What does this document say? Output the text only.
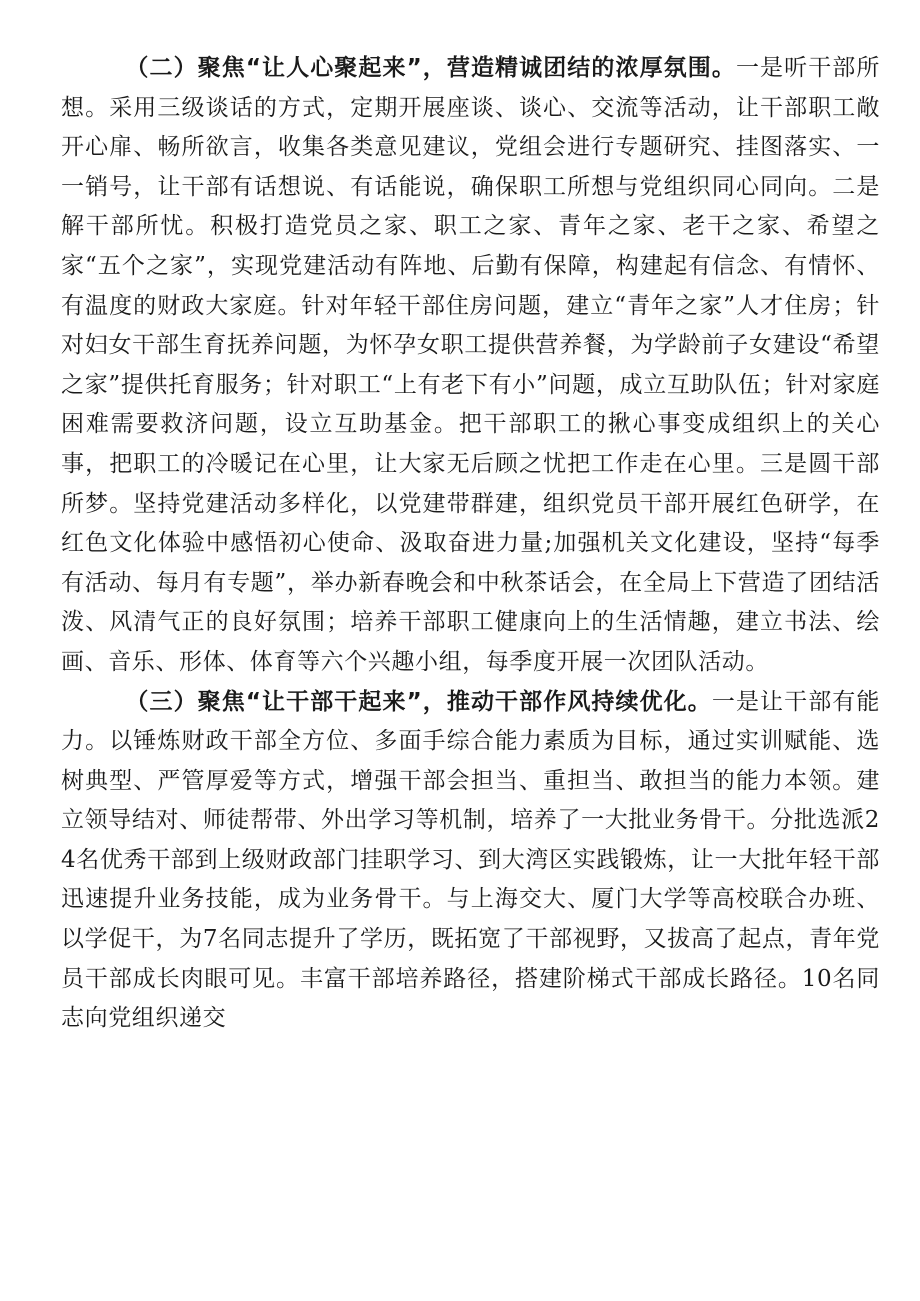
（二）聚焦“让人心聚起来”，营造精诚团结的浓厚氛围。一是听干部所想。采用三级谈话的方式，定期开展座谈、谈心、交流等活动，让干部职工敞开心扉、畅所欲言，收集各类意见建议，党组会进行专题研究、挂图落实、一一销号，让干部有话想说、有话能说，确保职工所想与党组织同心同向。二是解干部所忧。积极打造党员之家、职工之家、青年之家、老干之家、希望之家“五个之家”，实现党建活动有阵地、后勤有保障，构建起有信念、有情怀、有温度的财政大家庭。针对年轻干部住房问题，建立“青年之家”人才住房；针对妇女干部生育抚养问题，为怀孕女职工提供营养餐，为学龄前子女建设“希望之家”提供托育服务；针对职工“上有老下有小”问题，成立互助队伍；针对家庭困难需要救济问题，设立互助基金。把干部职工的揪心事变成组织上的关心事，把职工的冷暖记在心里，让大家无后顾之忧把工作走在心里。三是圆干部所梦。坚持党建活动多样化，以党建带群建，组织党员干部开展红色研学，在红色文化体验中感悟初心使命、汲取奋进力量;加强机关文化建设，坚持“每季有活动、每月有专题”，举办新春晚会和中秋茶话会，在全局上下营造了团结活泼、风清气正的良好氛围；培养干部职工健康向上的生活情趣，建立书法、绘画、音乐、形体、体育等六个兴趣小组，每季度开展一次团队活动。

（三）聚焦“让干部干起来”，推动干部作风持续优化。一是让干部有能力。以锤炼财政干部全方位、多面手综合能力素质为目标，通过实训赋能、选树典型、严管厚爱等方式，增强干部会担当、重担当、敢担当的能力本领。建立领导结对、师徒帮带、外出学习等机制，培养了一大批业务骨干。分批选派24名优秀干部到上级财政部门挂职学习、到大湾区实践锻炼，让一大批年轻干部迅速提升业务技能，成为业务骨干。与上海交大、厦门大学等高校联合办班、以学促干，为7名同志提升了学历，既拓宽了干部视野，又拔高了起点，青年党员干部成长肉眼可见。丰富干部培养路径，搭建阶梯式干部成长路径。10名同志向党组织递交
